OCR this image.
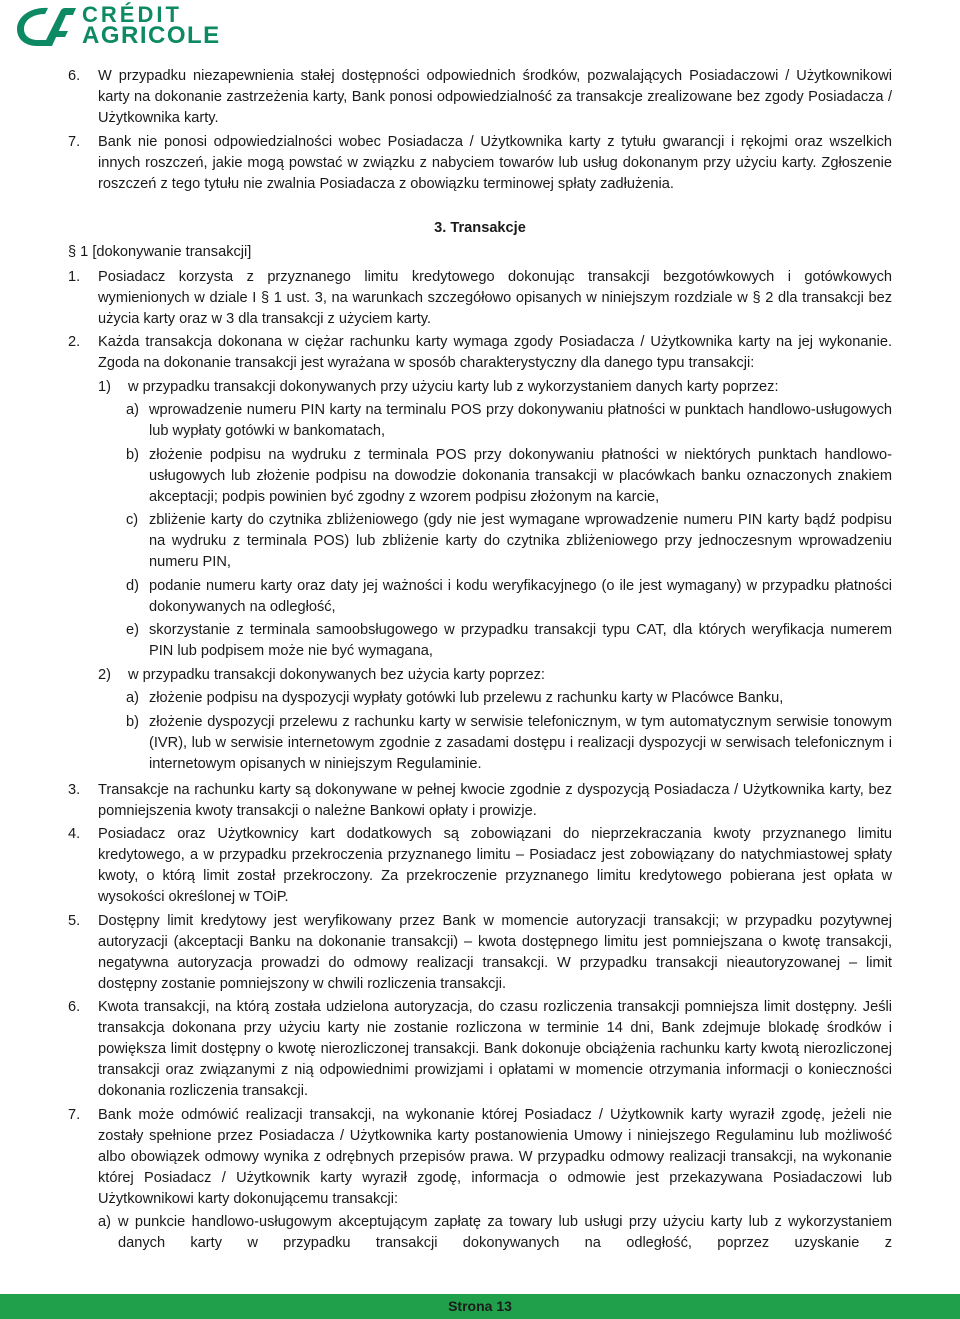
CRÉDIT
AGRICOLE
6.	W przypadku niezapewnienia stałej dostępności odpowiednich środków, pozwalających Posiadaczowi / Użytkownikowi karty na dokonanie zastrzeżenia karty, Bank ponosi odpowiedzialność za transakcje zrealizowane bez zgody Posiadacza / Użytkownika karty.
7.	Bank nie ponosi odpowiedzialności wobec Posiadacza / Użytkownika karty z tytułu gwarancji i rękojmi oraz wszelkich innych roszczeń, jakie mogą powstać w związku z nabyciem towarów lub usług dokonanym przy użyciu karty. Zgłoszenie roszczeń z tego tytułu nie zwalnia Posiadacza z obowiązku terminowej spłaty zadłużenia.
3. Transakcje
§ 1 [dokonywanie transakcji]
1.	Posiadacz korzysta z przyznanego limitu kredytowego dokonując transakcji bezgotówkowych i gotówkowych wymienionych w dziale I § 1 ust. 3, na warunkach szczegółowo opisanych w niniejszym rozdziale w § 2 dla transakcji bez użycia karty oraz w 3 dla transakcji z użyciem karty.
2.	Każda transakcja dokonana w ciężar rachunku karty wymaga zgody Posiadacza / Użytkownika karty na jej wykonanie. Zgoda na dokonanie transakcji jest wyrażana w sposób charakterystyczny dla danego typu transakcji:

1)	w przypadku transakcji dokonywanych przy użyciu karty lub z wykorzystaniem danych karty poprzez:
a) wprowadzenie numeru PIN karty na terminalu POS przy dokonywaniu płatności w punktach handlowo-usługowych lub wypłaty gotówki w bankomatach,
b) złożenie podpisu na wydruku z terminala POS przy dokonywaniu płatności w niektórych punktach handlowo-usługowych lub złożenie podpisu na dowodzie dokonania transakcji w placówkach banku oznaczonych znakiem akceptacji; podpis powinien być zgodny z wzorem podpisu złożonym na karcie,
c) zbliżenie karty do czytnika zbliżeniowego (gdy nie jest wymagane wprowadzenie numeru PIN karty bądź podpisu na wydruku z terminala POS) lub zbliżenie karty do czytnika zbliżeniowego przy jednoczesnym wprowadzeniu numeru PIN,
d) podanie numeru karty oraz daty jej ważności i kodu weryfikacyjnego (o ile jest wymagany) w przypadku płatności dokonywanych na odległość,
e) skorzystanie z terminala samoobsługowego w przypadku transakcji typu CAT, dla których weryfikacja numerem PIN lub podpisem może nie być wymagana,
2)	w przypadku transakcji dokonywanych bez użycia karty poprzez:
a) złożenie podpisu na dyspozycji wypłaty gotówki lub przelewu z rachunku karty w Placówce Banku,
b) złożenie dyspozycji przelewu z rachunku karty w serwisie telefonicznym, w tym automatycznym serwisie tonowym (IVR), lub w serwisie internetowym zgodnie z zasadami dostępu i realizacji dyspozycji w serwisach telefonicznym i internetowym opisanych w niniejszym Regulaminie.
3.	Transakcje na rachunku karty są dokonywane w pełnej kwocie zgodnie z dyspozycją Posiadacza / Użytkownika karty, bez pomniejszenia kwoty transakcji o należne Bankowi opłaty i prowizje.
4.	Posiadacz oraz Użytkownicy kart dodatkowych są zobowiązani do nieprzekraczania kwoty przyznanego limitu kredytowego, a w przypadku przekroczenia przyznanego limitu – Posiadacz jest zobowiązany do natychmiastowej spłaty kwoty, o którą limit został przekroczony. Za przekroczenie przyznanego limitu kredytowego pobierana jest opłata w wysokości określonej w TOiP.
5.	Dostępny limit kredytowy jest weryfikowany przez Bank w momencie autoryzacji transakcji; w przypadku pozytywnej autoryzacji (akceptacji Banku na dokonanie transakcji) – kwota dostępnego limitu jest pomniejszana o kwotę transakcji, negatywna autoryzacja prowadzi do odmowy realizacji transakcji. W przypadku transakcji nieautoryzowanej – limit dostępny zostanie pomniejszony w chwili rozliczenia transakcji.
6.	Kwota transakcji, na którą została udzielona autoryzacja, do czasu rozliczenia transakcji pomniejsza limit dostępny. Jeśli transakcja dokonana przy użyciu karty nie zostanie rozliczona w terminie 14 dni, Bank zdejmuje blokadę środków i powiększa limit dostępny o kwotę nierozliczonej transakcji. Bank dokonuje obciążenia rachunku karty kwotą nierozliczonej transakcji oraz związanymi z nią odpowiednimi prowizjami i opłatami w momencie otrzymania informacji o konieczności dokonania rozliczenia transakcji.
7.	Bank może odmówić realizacji transakcji, na wykonanie której Posiadacz / Użytkownik karty wyraził zgodę, jeżeli nie zostały spełnione przez Posiadacza / Użytkownika karty postanowienia Umowy i niniejszego Regulaminu lub możliwość albo obowiązek odmowy wynika z odrębnych przepisów prawa. W przypadku odmowy realizacji transakcji, na wykonanie której Posiadacz / Użytkownik karty wyraził zgodę, informacja o odmowie jest przekazywana Posiadaczowi lub Użytkownikowi karty dokonującemu transakcji:

a) w punkcie handlowo-usługowym akceptującym zapłatę za towary lub usługi przy użyciu karty lub z wykorzystaniem danych karty w przypadku transakcji dokonywanych na odległość, poprzez uzyskanie z
Strona 13
